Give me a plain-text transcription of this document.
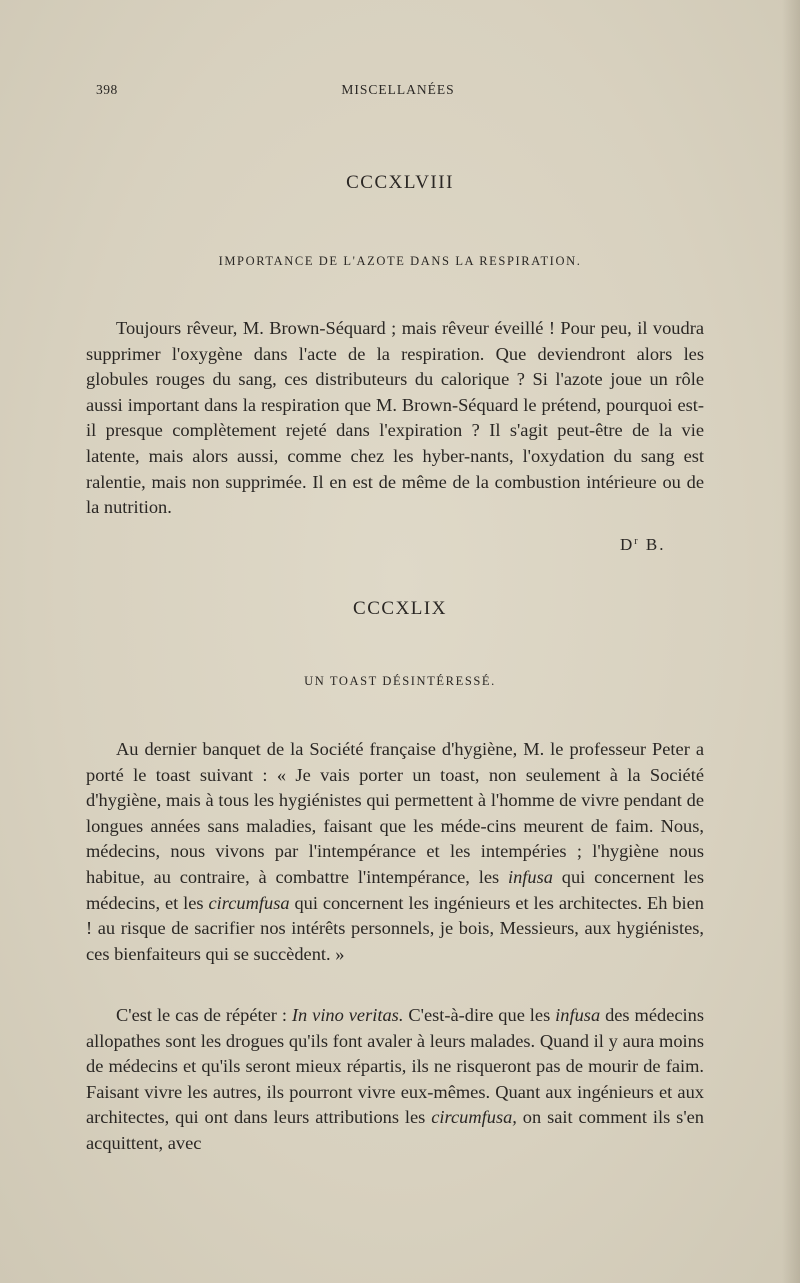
398	MISCELLANÉES
CCCXLVIII
IMPORTANCE DE L'AZOTE DANS LA RESPIRATION.

Toujours rêveur, M. Brown-Séquard ; mais rêveur éveillé ! Pour peu, il voudra supprimer l'oxygène dans l'acte de la respiration. Que deviendront alors les globules rouges du sang, ces distributeurs du calorique ? Si l'azote joue un rôle aussi important dans la respiration que M. Brown-Séquard le prétend, pourquoi est-il presque complètement rejeté dans l'expiration ? Il s'agit peut-être de la vie latente, mais alors aussi, comme chez les hyber-nants, l'oxydation du sang est ralentie, mais non supprimée. Il en est de même de la combustion intérieure ou de la nutrition.

$D^r$ B.
CCCXLIX
UN TOAST DÉSINTÉRESSÉ.

Au dernier banquet de la Société française d'hygiène, M. le professeur Peter a porté le toast suivant : « Je vais porter un toast, non seulement à la Société d'hygiène, mais à tous les hygiénistes qui permettent à l'homme de vivre pendant de longues années sans maladies, faisant que les méde-cins meurent de faim. Nous, médecins, nous vivons par l'intempérance et les intempéries ; l'hygiène nous habitue, au contraire, à combattre l'intempérance, les infusa qui concernent les médecins, et les circumfusa qui concernent les ingénieurs et les architectes. Eh bien ! au risque de sacrifier nos intérêts personnels, je bois, Messieurs, aux hygiénistes, ces bienfaiteurs qui se succèdent. »

C'est le cas de répéter : In vino veritas. C'est-à-dire que les infusa des médecins allopathes sont les drogues qu'ils font avaler à leurs malades. Quand il y aura moins de médecins et qu'ils seront mieux répartis, ils ne risqueront pas de mourir de faim. Faisant vivre les autres, ils pourront vivre eux-mêmes. Quant aux ingénieurs et aux architectes, qui ont dans leurs attributions les circumfusa, on sait comment ils s'en acquittent, avec
